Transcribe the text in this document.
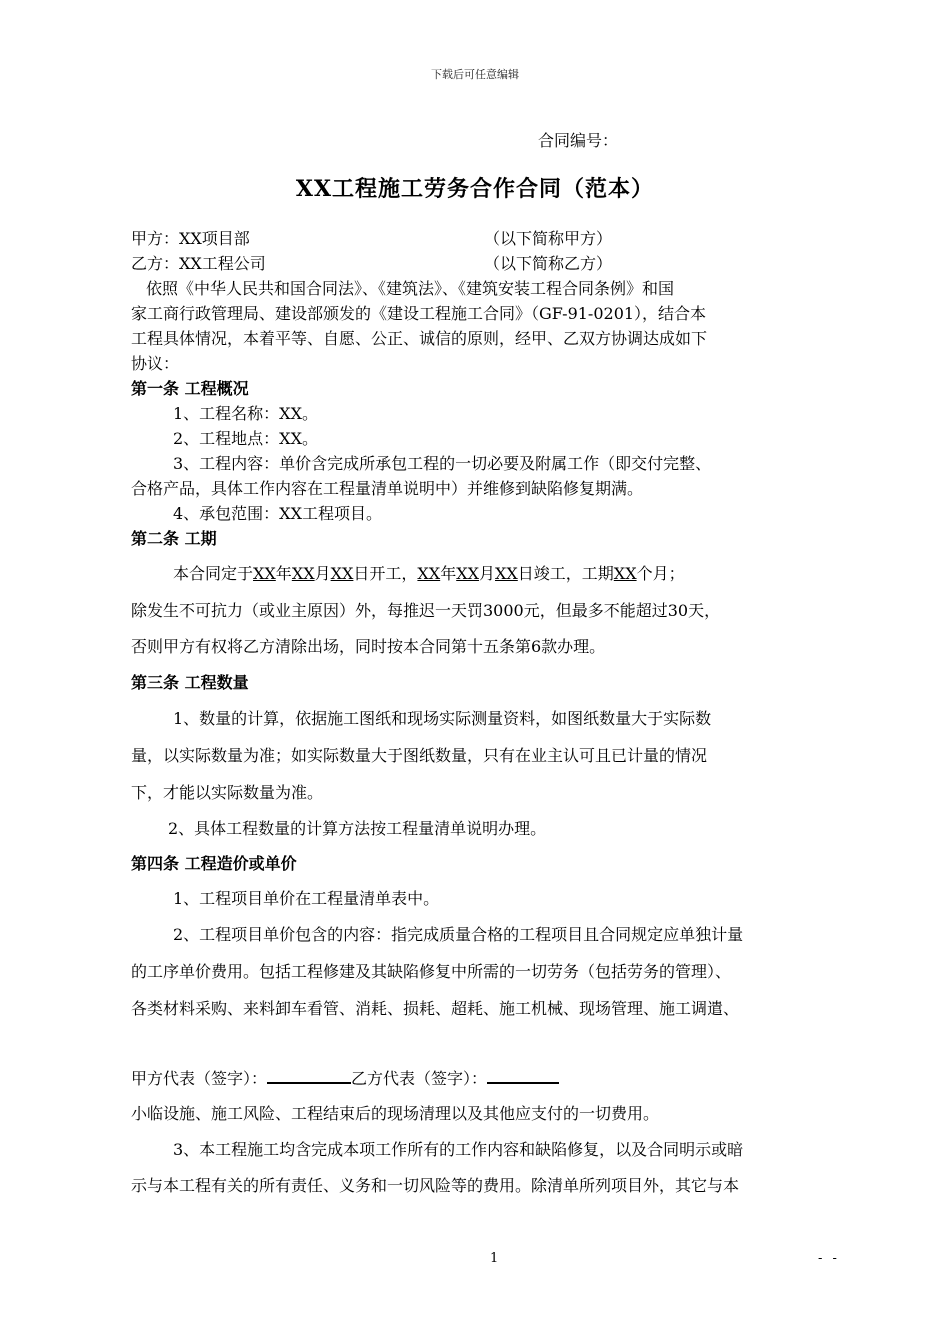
下载后可任意编辑
合同编号：
XX工程施工劳务合作合同（范本）
甲方：XX项目部	（以下简称甲方）
乙方：XX工程公司	（以下简称乙方）
依照《中华人民共和国合同法》、《建筑法》、《建筑安装工程合同条例》和国
家工商行政管理局、建设部颁发的《建设工程施工合同》（GF-91-0201），结合本
工程具体情况，本着平等、自愿、公正、诚信的原则，经甲、乙双方协调达成如下
协议：
第一条 工程概况
1、工程名称：XX。
2、工程地点：XX。
3、工程内容：单价含完成所承包工程的一切必要及附属工作（即交付完整、
合格产品，具体工作内容在工程量清单说明中）并维修到缺陷修复期满。
4、承包范围：XX工程项目。
第二条 工期
本合同定于XX年XX月XX日开工，XX年XX月XX日竣工，工期XX个月；
除发生不可抗力（或业主原因）外，每推迟一天罚3000元，但最多不能超过30天，
否则甲方有权将乙方清除出场，同时按本合同第十五条第6款办理。
第三条 工程数量
1、数量的计算，依据施工图纸和现场实际测量资料，如图纸数量大于实际数
量，以实际数量为准；如实际数量大于图纸数量，只有在业主认可且已计量的情况
下，才能以实际数量为准。
2、具体工程数量的计算方法按工程量清单说明办理。
第四条 工程造价或单价
1、工程项目单价在工程量清单表中。
2、工程项目单价包含的内容：指完成质量合格的工程项目且合同规定应单独计量
的工序单价费用。包括工程修建及其缺陷修复中所需的一切劳务（包括劳务的管理）、
各类材料采购、来料卸车看管、消耗、损耗、超耗、施工机械、现场管理、施工调遣、
甲方代表（签字）：	乙方代表（签字）：
小临设施、施工风险、工程结束后的现场清理以及其他应支付的一切费用。
3、本工程施工均含完成本项工作所有的工作内容和缺陷修复，以及合同明示或暗
示与本工程有关的所有责任、义务和一切风险等的费用。除清单所列项目外，其它与本
1	- -
